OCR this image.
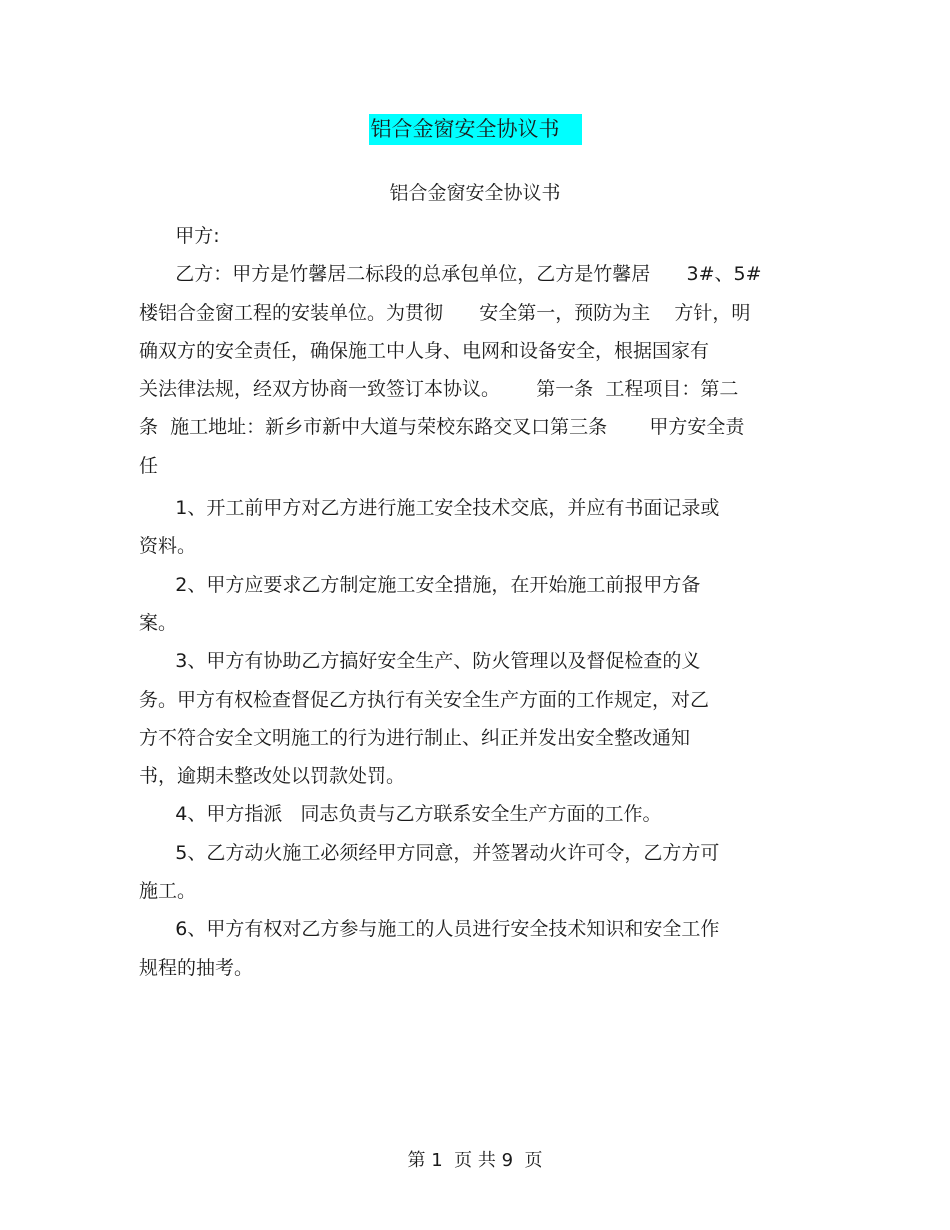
铝合金窗安全协议书
铝合金窗安全协议书
甲方:
乙方：甲方是竹馨居二标段的总承包单位，乙方是竹馨居      3#、5#
楼铝合金窗工程的安装单位。为贯彻      安全第一，预防为主    方针，明
确双方的安全责任，确保施工中人身、电网和设备安全，根据国家有
关法律法规，经双方协商一致签订本协议。      第一条  工程项目：第二
条  施工地址：新乡市新中大道与荣校东路交叉口第三条       甲方安全责
任
1、开工前甲方对乙方进行施工安全技术交底，并应有书面记录或
资料。
2、甲方应要求乙方制定施工安全措施，在开始施工前报甲方备
案。
3、甲方有协助乙方搞好安全生产、防火管理以及督促检查的义
务。甲方有权检查督促乙方执行有关安全生产方面的工作规定，对乙
方不符合安全文明施工的行为进行制止、纠正并发出安全整改通知
书，逾期未整改处以罚款处罚。
4、甲方指派   同志负责与乙方联系安全生产方面的工作。
5、乙方动火施工必须经甲方同意，并签署动火许可令，乙方方可
施工。
6、甲方有权对乙方参与施工的人员进行安全技术知识和安全工作
规程的抽考。
第 1  页 共 9  页
